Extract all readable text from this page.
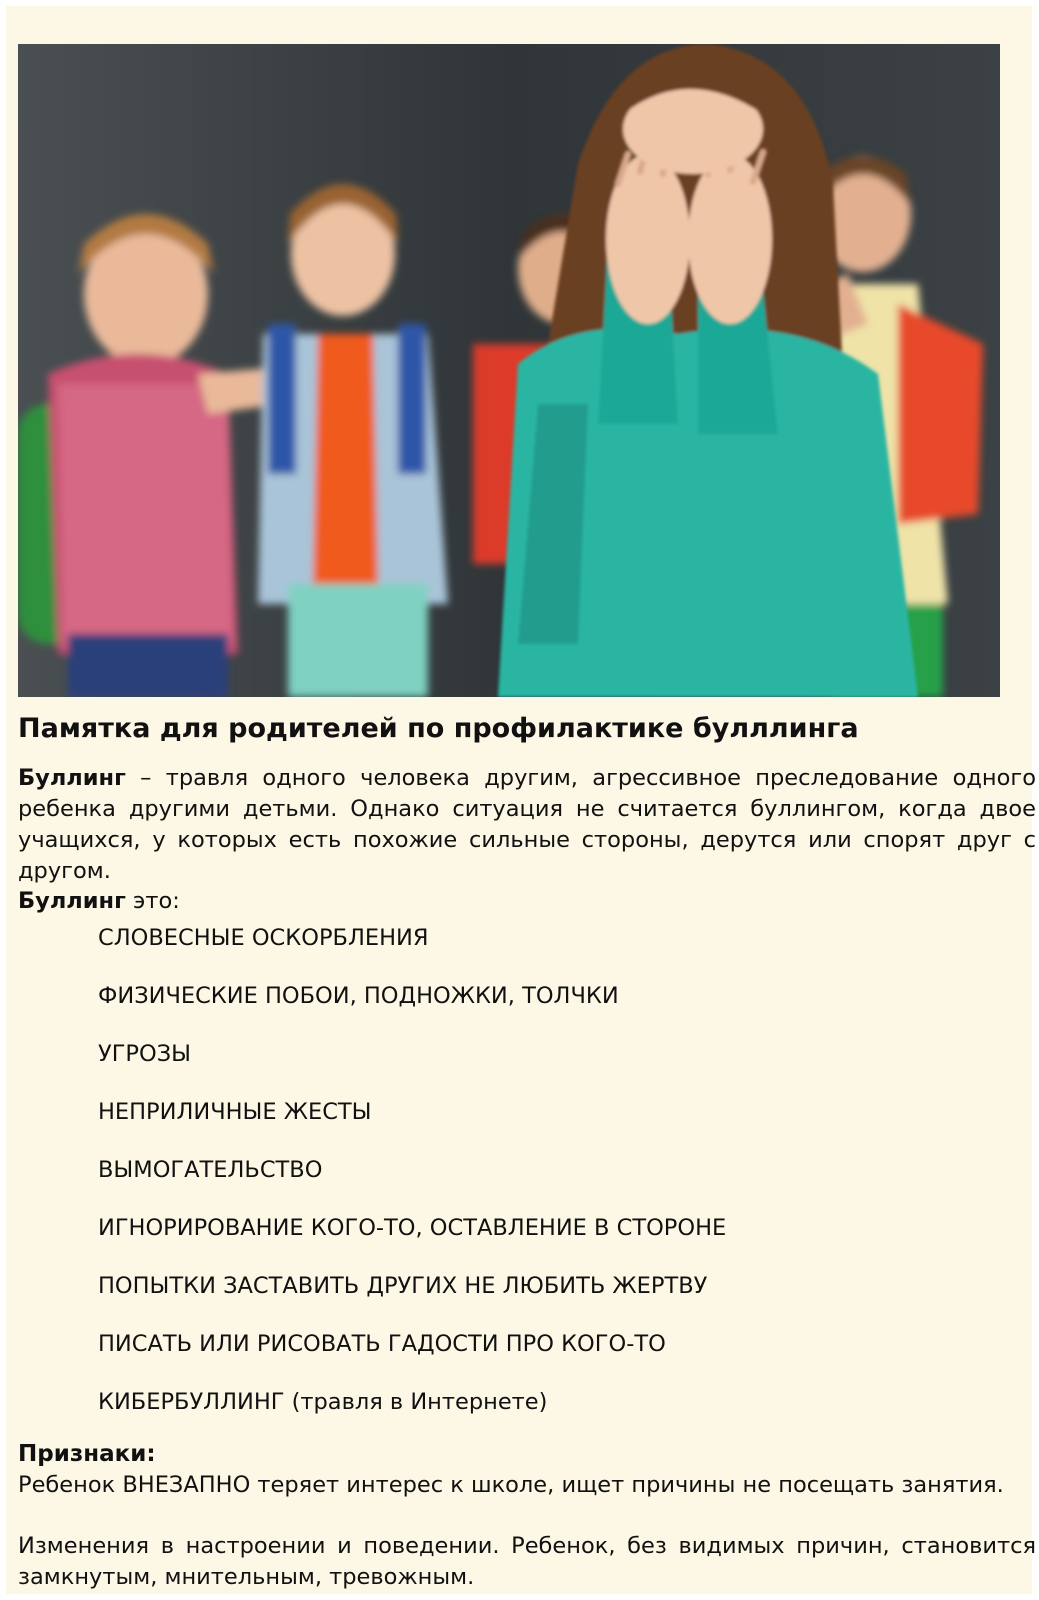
Памятка для родителей по профилактике булллинга
Буллинг – травля одного человека другим, агрессивное преследование одного
ребенка другими детьми. Однако ситуация не считается буллингом, когда двое
учащихся, у которых есть похожие сильные стороны, дерутся или спорят друг с
другом.
Буллинг это:
СЛОВЕСНЫЕ ОСКОРБЛЕНИЯ
ФИЗИЧЕСКИЕ ПОБОИ, ПОДНОЖКИ, ТОЛЧКИ
УГРОЗЫ
НЕПРИЛИЧНЫЕ ЖЕСТЫ
ВЫМОГАТЕЛЬСТВО
ИГНОРИРОВАНИЕ КОГО-ТО, ОСТАВЛЕНИЕ В СТОРОНЕ
ПОПЫТКИ ЗАСТАВИТЬ ДРУГИХ НЕ ЛЮБИТЬ ЖЕРТВУ
ПИСАТЬ ИЛИ РИСОВАТЬ ГАДОСТИ ПРО КОГО-ТО
КИБЕРБУЛЛИНГ (травля в Интернете)
Признаки:
Ребенок ВНЕЗАПНО теряет интерес к школе, ищет причины не посещать занятия.
Изменения в настроении и поведении. Ребенок, без видимых причин, становится
замкнутым, мнительным, тревожным.
